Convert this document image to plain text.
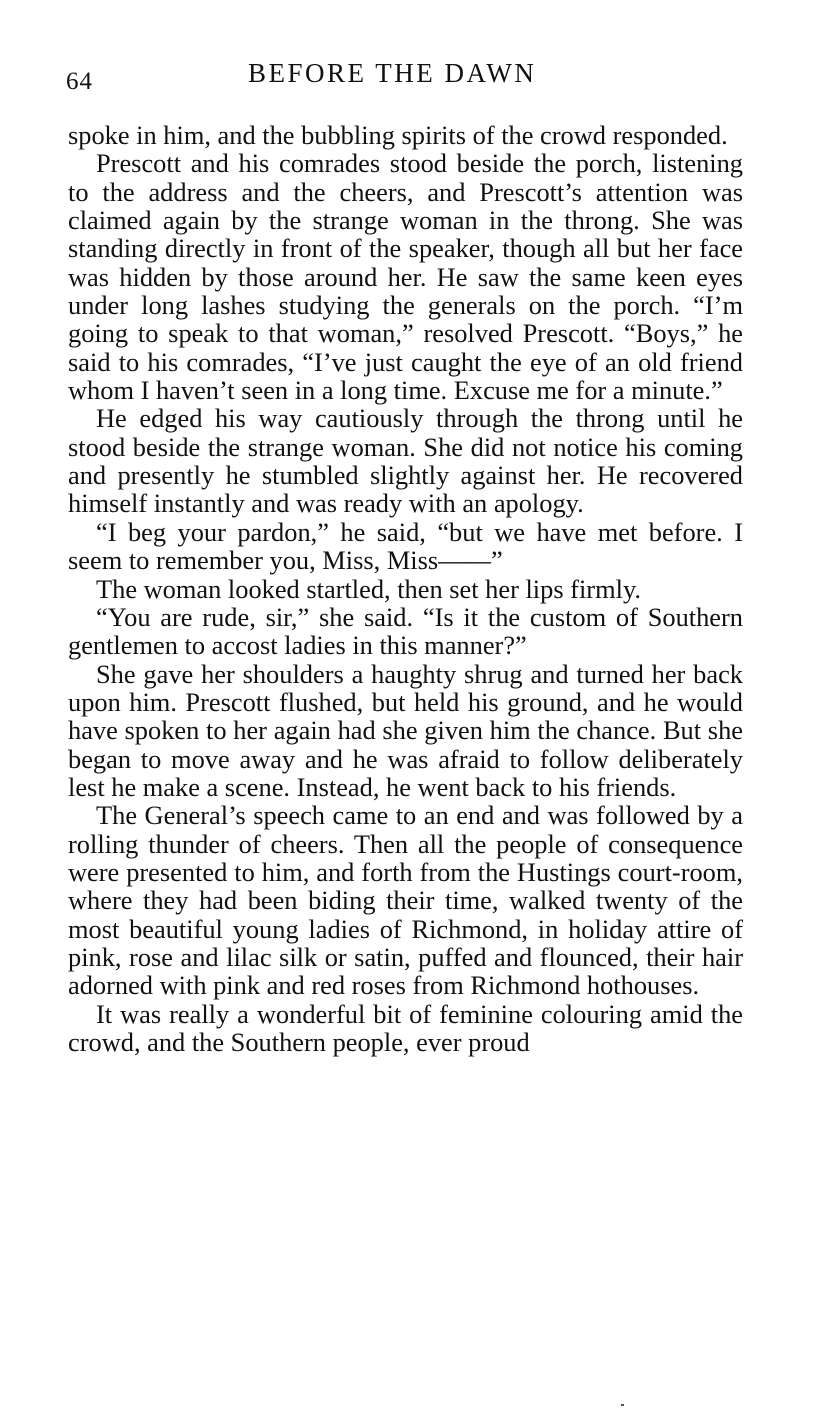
64	BEFORE THE DAWN

spoke in him, and the bubbling spirits of the crowd responded.

Prescott and his comrades stood beside the porch, listening to the address and the cheers, and Prescott’s attention was claimed again by the strange woman in the throng. She was standing directly in front of the speaker, though all but her face was hidden by those around her. He saw the same keen eyes under long lashes studying the generals on the porch. “I’m going to speak to that woman,” resolved Prescott. “Boys,” he said to his comrades, “I’ve just caught the eye of an old friend whom I haven’t seen in a long time. Excuse me for a minute.”

He edged his way cautiously through the throng until he stood beside the strange woman. She did not notice his coming and presently he stumbled slightly against her. He recovered himself instantly and was ready with an apology.

“I beg your pardon,” he said, “but we have met before. I seem to remember you, Miss, Miss——”

The woman looked startled, then set her lips firmly.

“You are rude, sir,” she said. “Is it the custom of Southern gentlemen to accost ladies in this manner?”

She gave her shoulders a haughty shrug and turned her back upon him. Prescott flushed, but held his ground, and he would have spoken to her again had she given him the chance. But she began to move away and he was afraid to follow deliberately lest he make a scene. Instead, he went back to his friends.

The General’s speech came to an end and was followed by a rolling thunder of cheers. Then all the people of consequence were presented to him, and forth from the Hustings court-room, where they had been biding their time, walked twenty of the most beautiful young ladies of Richmond, in holiday attire of pink, rose and lilac silk or satin, puffed and flounced, their hair adorned with pink and red roses from Richmond hothouses.

It was really a wonderful bit of feminine colouring amid the crowd, and the Southern people, ever proud
